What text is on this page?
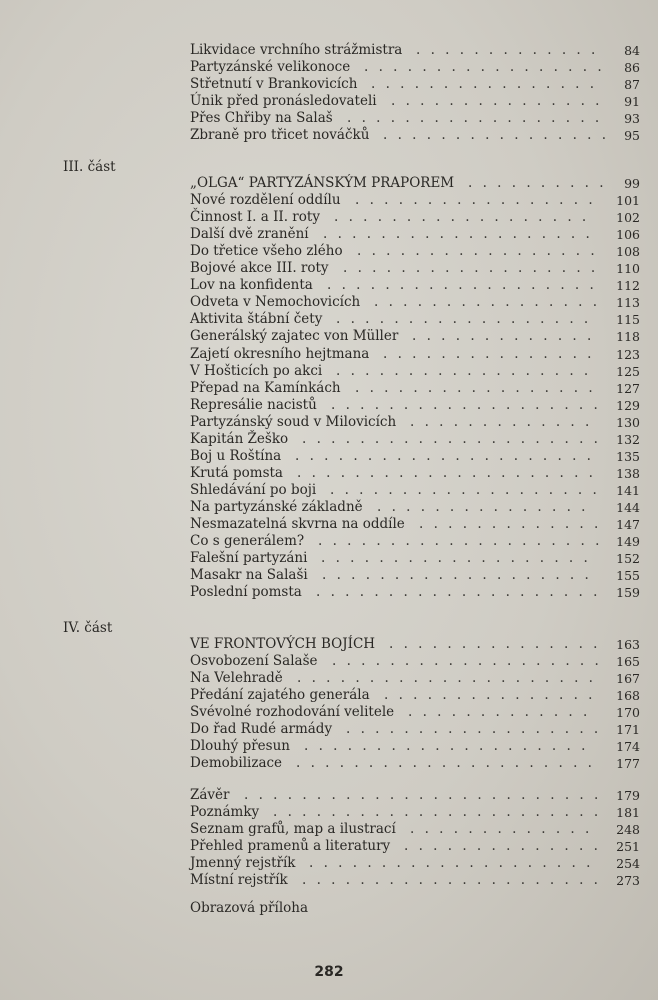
Likvidace vrchního strážmistra . . . . . . . . . . . . . 84
Partyzánské velikonoce . . . . . . . . . . . . . . . . . 86
Střetnutí v Brankovicích . . . . . . . . . . . . . . . . 87
Únik před pronásledovateli . . . . . . . . . . . . . . . 91
Přes Chřiby na Salaš . . . . . . . . . . . . . . . . . . 93
Zbraně pro třicet nováčků . . . . . . . . . . . . . . . . 95
III. část
„OLGA“ PARTYZÁNSKÝM PRAPOREM . . . . . . . . . . 99
Nové rozdělení oddílu . . . . . . . . . . . . . . . . . 101
Činnost I. a II. roty . . . . . . . . . . . . . . . . . . 102
Další dvě zranění . . . . . . . . . . . . . . . . . . . 106
Do třetice všeho zlého . . . . . . . . . . . . . . . . . 108
Bojové akce III. roty . . . . . . . . . . . . . . . . . . 110
Lov na konfidenta . . . . . . . . . . . . . . . . . . . 112
Odveta v Nemochovicích . . . . . . . . . . . . . . . . 113
Aktivita štábní čety . . . . . . . . . . . . . . . . . . 115
Generálský zajatec von Müller . . . . . . . . . . . . . 118
Zajetí okresního hejtmana . . . . . . . . . . . . . . . 123
V Hošticích po akci . . . . . . . . . . . . . . . . . . 125
Přepad na Kamínkách . . . . . . . . . . . . . . . . . 127
Represálie nacistů . . . . . . . . . . . . . . . . . . . 129
Partyzánský soud v Milovicích . . . . . . . . . . . . . 130
Kapitán Žeško . . . . . . . . . . . . . . . . . . . . . 132
Boj u Roštína . . . . . . . . . . . . . . . . . . . . . 135
Krutá pomsta . . . . . . . . . . . . . . . . . . . . . 138
Shledávání po boji . . . . . . . . . . . . . . . . . . . 141
Na partyzánské základně . . . . . . . . . . . . . . . 144
Nesmazatelná skvrna na oddíle . . . . . . . . . . . . . 147
Co s generálem? . . . . . . . . . . . . . . . . . . . . 149
Falešní partyzáni . . . . . . . . . . . . . . . . . . . 152
Masakr na Salaši . . . . . . . . . . . . . . . . . . . 155
Poslední pomsta . . . . . . . . . . . . . . . . . . . . 159
IV. část
VE FRONTOVÝCH BOJÍCH . . . . . . . . . . . . . . . 163
Osvobození Salaše . . . . . . . . . . . . . . . . . . . 165
Na Velehradě . . . . . . . . . . . . . . . . . . . . . 167
Předání zajatého generála . . . . . . . . . . . . . . . 168
Svévolné rozhodování velitele . . . . . . . . . . . . . 170
Do řad Rudé armády . . . . . . . . . . . . . . . . . . 171
Dlouhý přesun . . . . . . . . . . . . . . . . . . . . 174
Demobilizace . . . . . . . . . . . . . . . . . . . . . 177
Závěr . . . . . . . . . . . . . . . . . . . . . . . . . 179
Poznámky . . . . . . . . . . . . . . . . . . . . . . . 181
Seznam grafů, map a ilustrací . . . . . . . . . . . . . 248
Přehled pramenů a literatury . . . . . . . . . . . . . . 251
Jmenný rejstřík . . . . . . . . . . . . . . . . . . . . 254
Místní rejstřík . . . . . . . . . . . . . . . . . . . . . 273
Obrazová příloha
282
